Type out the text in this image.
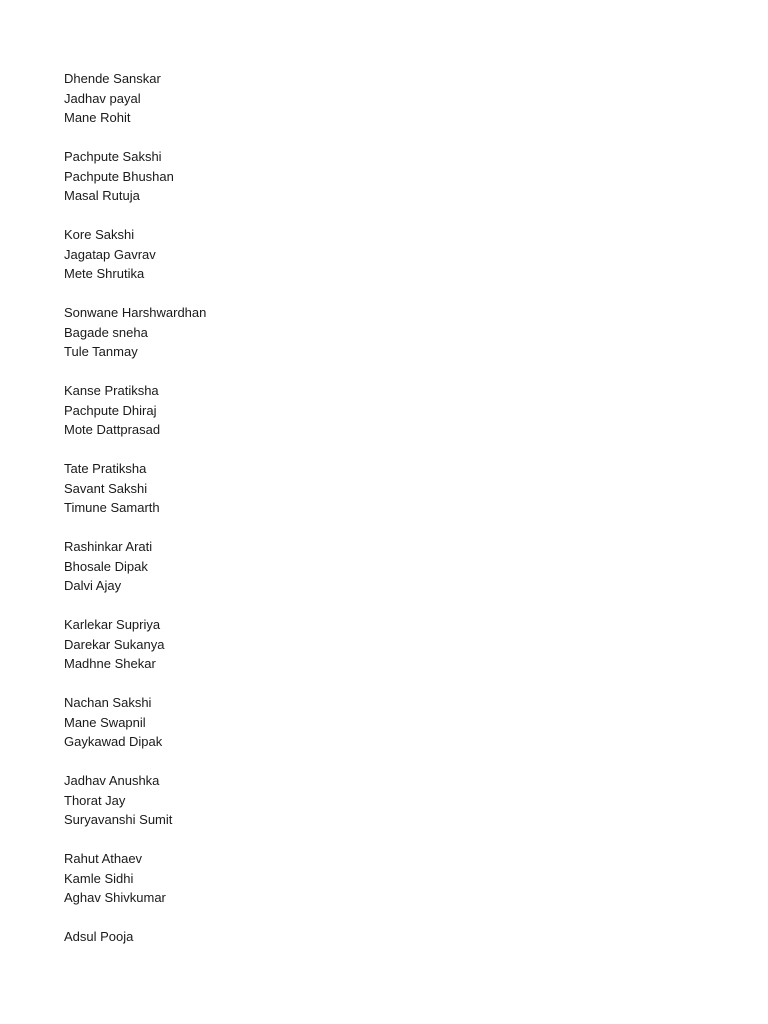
Dhende Sanskar
Jadhav payal
Mane Rohit
Pachpute Sakshi
Pachpute Bhushan
Masal Rutuja
Kore Sakshi
Jagatap Gavrav
Mete Shrutika
Sonwane Harshwardhan
Bagade sneha
Tule Tanmay
Kanse Pratiksha
Pachpute Dhiraj
Mote Dattprasad
Tate Pratiksha
Savant Sakshi
Timune Samarth
Rashinkar Arati
Bhosale Dipak
Dalvi Ajay
Karlekar Supriya
Darekar Sukanya
Madhne Shekar
Nachan Sakshi
Mane Swapnil
Gaykawad Dipak
Jadhav Anushka
Thorat Jay
Suryavanshi Sumit
Rahut Athaev
Kamle Sidhi
Aghav Shivkumar
Adsul Pooja
